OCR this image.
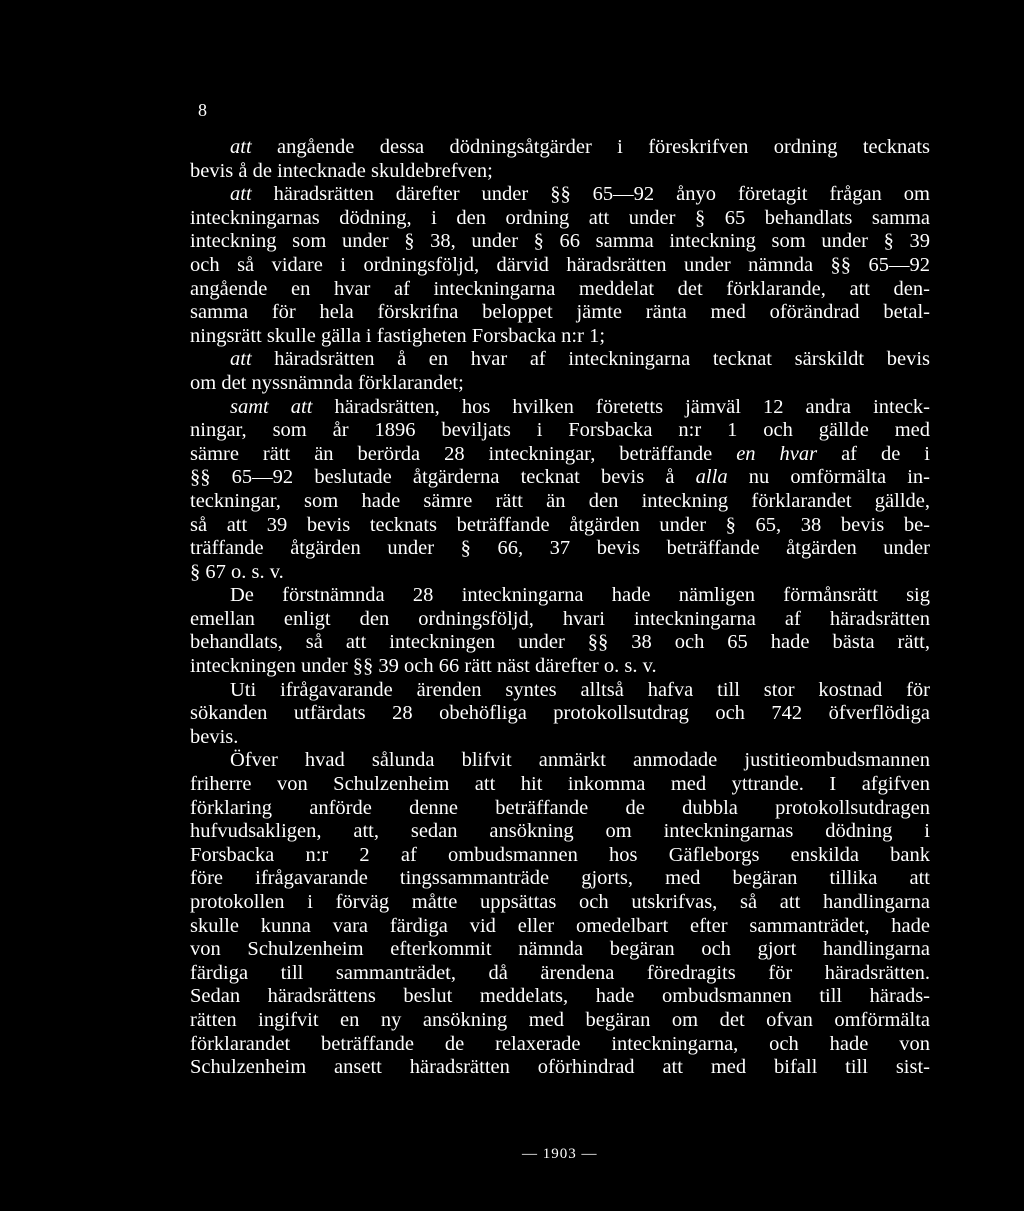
8
att angående dessa dödningsåtgärder i föreskrifven ordning tecknats
bevis å de intecknade skuldebrefven;
att häradsrätten därefter under §§ 65—92 ånyo företagit frågan om
inteckningarnas dödning, i den ordning att under § 65 behandlats samma
inteckning som under § 38, under § 66 samma inteckning som under § 39
och så vidare i ordningsföljd, därvid häradsrätten under nämnda §§ 65—92
angående en hvar af inteckningarna meddelat det förklarande, att den-
samma för hela förskrifna beloppet jämte ränta med oförändrad betal-
ningsrätt skulle gälla i fastigheten Forsbacka n:r 1;
att häradsrätten å en hvar af inteckningarna tecknat särskildt bevis
om det nyssnämnda förklarandet;
samt att häradsrätten, hos hvilken företetts jämväl 12 andra inteck-
ningar, som år 1896 beviljats i Forsbacka n:r 1 och gällde med
sämre rätt än berörda 28 inteckningar, beträffande en hvar af de i
§§ 65—92 beslutade åtgärderna tecknat bevis å alla nu omförmälta in-
teckningar, som hade sämre rätt än den inteckning förklarandet gällde,
så att 39 bevis tecknats beträffande åtgärden under § 65, 38 bevis be-
träffande åtgärden under § 66, 37 bevis beträffande åtgärden under
§ 67 o. s. v.
De förstnämnda 28 inteckningarna hade nämligen förmånsrätt sig
emellan enligt den ordningsföljd, hvari inteckningarna af häradsrätten
behandlats, så att inteckningen under §§ 38 och 65 hade bästa rätt,
inteckningen under §§ 39 och 66 rätt näst därefter o. s. v.
Uti ifrågavarande ärenden syntes alltså hafva till stor kostnad för
sökanden utfärdats 28 obehöfliga protokollsutdrag och 742 öfverflödiga
bevis.
Öfver hvad sålunda blifvit anmärkt anmodade justitieombudsmannen
friherre von Schulzenheim att hit inkomma med yttrande. I afgifven
förklaring anförde denne beträffande de dubbla protokollsutdragen
hufvudsakligen, att, sedan ansökning om inteckningarnas dödning i
Forsbacka n:r 2 af ombudsmannen hos Gäfleborgs enskilda bank
före ifrågavarande tingssammanträde gjorts, med begäran tillika att
protokollen i förväg måtte uppsättas och utskrifvas, så att handlingarna
skulle kunna vara färdiga vid eller omedelbart efter sammanträdet, hade
von Schulzenheim efterkommit nämnda begäran och gjort handlingarna
färdiga till sammanträdet, då ärendena föredragits för häradsrätten.
Sedan häradsrättens beslut meddelats, hade ombudsmannen till härads-
rätten ingifvit en ny ansökning med begäran om det ofvan omförmälta
förklarandet beträffande de relaxerade inteckningarna, och hade von
Schulzenheim ansett häradsrätten oförhindrad att med bifall till sist-
— 1903 —
